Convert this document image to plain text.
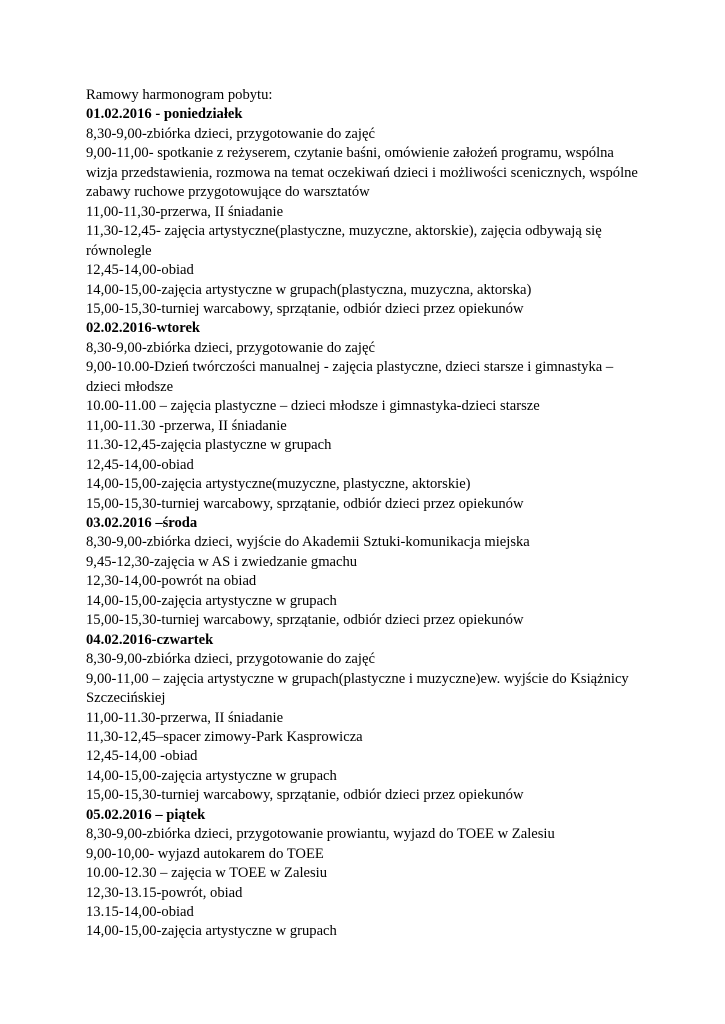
Ramowy harmonogram pobytu:
01.02.2016 - poniedziałek
8,30-9,00-zbiórka dzieci, przygotowanie do zajęć
9,00-11,00- spotkanie z reżyserem, czytanie baśni, omówienie założeń programu, wspólna wizja przedstawienia, rozmowa na temat oczekiwań dzieci i możliwości scenicznych, wspólne zabawy ruchowe przygotowujące do warsztatów
11,00-11,30-przerwa, II śniadanie
11,30-12,45- zajęcia artystyczne(plastyczne, muzyczne, aktorskie), zajęcia odbywają się równolegle
12,45-14,00-obiad
14,00-15,00-zajęcia artystyczne w grupach(plastyczna, muzyczna, aktorska)
15,00-15,30-turniej warcabowy, sprzątanie, odbiór dzieci przez opiekunów
02.02.2016-wtorek
8,30-9,00-zbiórka dzieci, przygotowanie do zajęć
9,00-10.00-Dzień twórczości manualnej - zajęcia plastyczne, dzieci starsze i gimnastyka – dzieci młodsze
10.00-11.00 – zajęcia plastyczne – dzieci młodsze i gimnastyka-dzieci starsze
11,00-11.30 -przerwa, II śniadanie
11.30-12,45-zajęcia plastyczne w grupach
12,45-14,00-obiad
14,00-15,00-zajęcia artystyczne(muzyczne, plastyczne, aktorskie)
15,00-15,30-turniej warcabowy, sprzątanie, odbiór dzieci przez opiekunów
03.02.2016 –środa
8,30-9,00-zbiórka dzieci, wyjście do Akademii Sztuki-komunikacja miejska
9,45-12,30-zajęcia w AS i zwiedzanie gmachu
12,30-14,00-powrót na obiad
14,00-15,00-zajęcia artystyczne w grupach
15,00-15,30-turniej warcabowy, sprzątanie, odbiór dzieci przez opiekunów
04.02.2016-czwartek
8,30-9,00-zbiórka dzieci, przygotowanie do zajęć
9,00-11,00 – zajęcia artystyczne w grupach(plastyczne i muzyczne)ew. wyjście do Książnicy Szczecińskiej
11,00-11.30-przerwa, II śniadanie
11,30-12,45–spacer zimowy-Park Kasprowicza
12,45-14,00 -obiad
14,00-15,00-zajęcia artystyczne w grupach
15,00-15,30-turniej warcabowy, sprzątanie, odbiór dzieci przez opiekunów
05.02.2016 – piątek
8,30-9,00-zbiórka dzieci, przygotowanie prowiantu, wyjazd do TOEE w Zalesiu
9,00-10,00- wyjazd autokarem do TOEE
10.00-12.30 – zajęcia w TOEE w Zalesiu
12,30-13.15-powrót, obiad
13.15-14,00-obiad
14,00-15,00-zajęcia artystyczne w grupach
